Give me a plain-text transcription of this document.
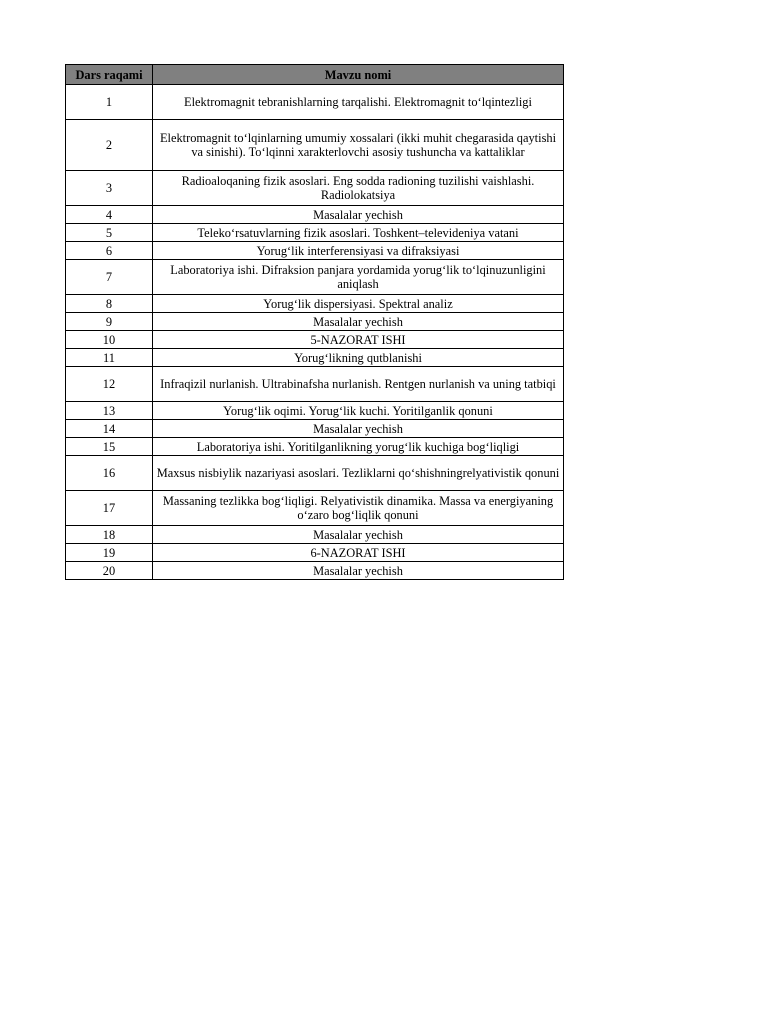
Dars raqami	Mavzu nomi
1	Elektromagnit tebranishlarning tarqalishi. Elektromagnit to‘lqintezligi
2	Elektromagnit to‘lqinlarning umumiy xossalari (ikki muhit chegarasida qaytishi va sinishi). To‘lqinni xarakterlovchi asosiy tushuncha va kattaliklar
3	Radioaloqaning fizik asoslari. Eng sodda radioning tuzilishi vaishlashi. Radiolokatsiya
4	Masalalar yechish
5	Teleko‘rsatuvlarning fizik asoslari. Toshkent–televideniya vatani
6	Yorug‘lik interferensiyasi va difraksiyasi
7	Laboratoriya ishi. Difraksion panjara yordamida yorug‘lik to‘lqinuzunligini aniqlash
8	Yorug‘lik dispersiyasi. Spektral analiz
9	Masalalar yechish
10	5-NAZORAT ISHI
11	Yorug‘likning qutblanishi
12	Infraqizil nurlanish. Ultrabinafsha nurlanish. Rentgen nurlanish va uning tatbiqi
13	Yorug‘lik oqimi. Yorug‘lik kuchi. Yoritilganlik qonuni
14	Masalalar yechish
15	Laboratoriya ishi. Yoritilganlikning yorug‘lik kuchiga bog‘liqligi
16	Maxsus nisbiylik nazariyasi asoslari. Tezliklarni qo‘shishningrelyativistik qonuni
17	Massaning tezlikka bog‘liqligi. Relyativistik dinamika. Massa va energiyaning o‘zaro bog‘liqlik qonuni
18	Masalalar yechish
19	6-NAZORAT ISHI
20	Masalalar yechish
